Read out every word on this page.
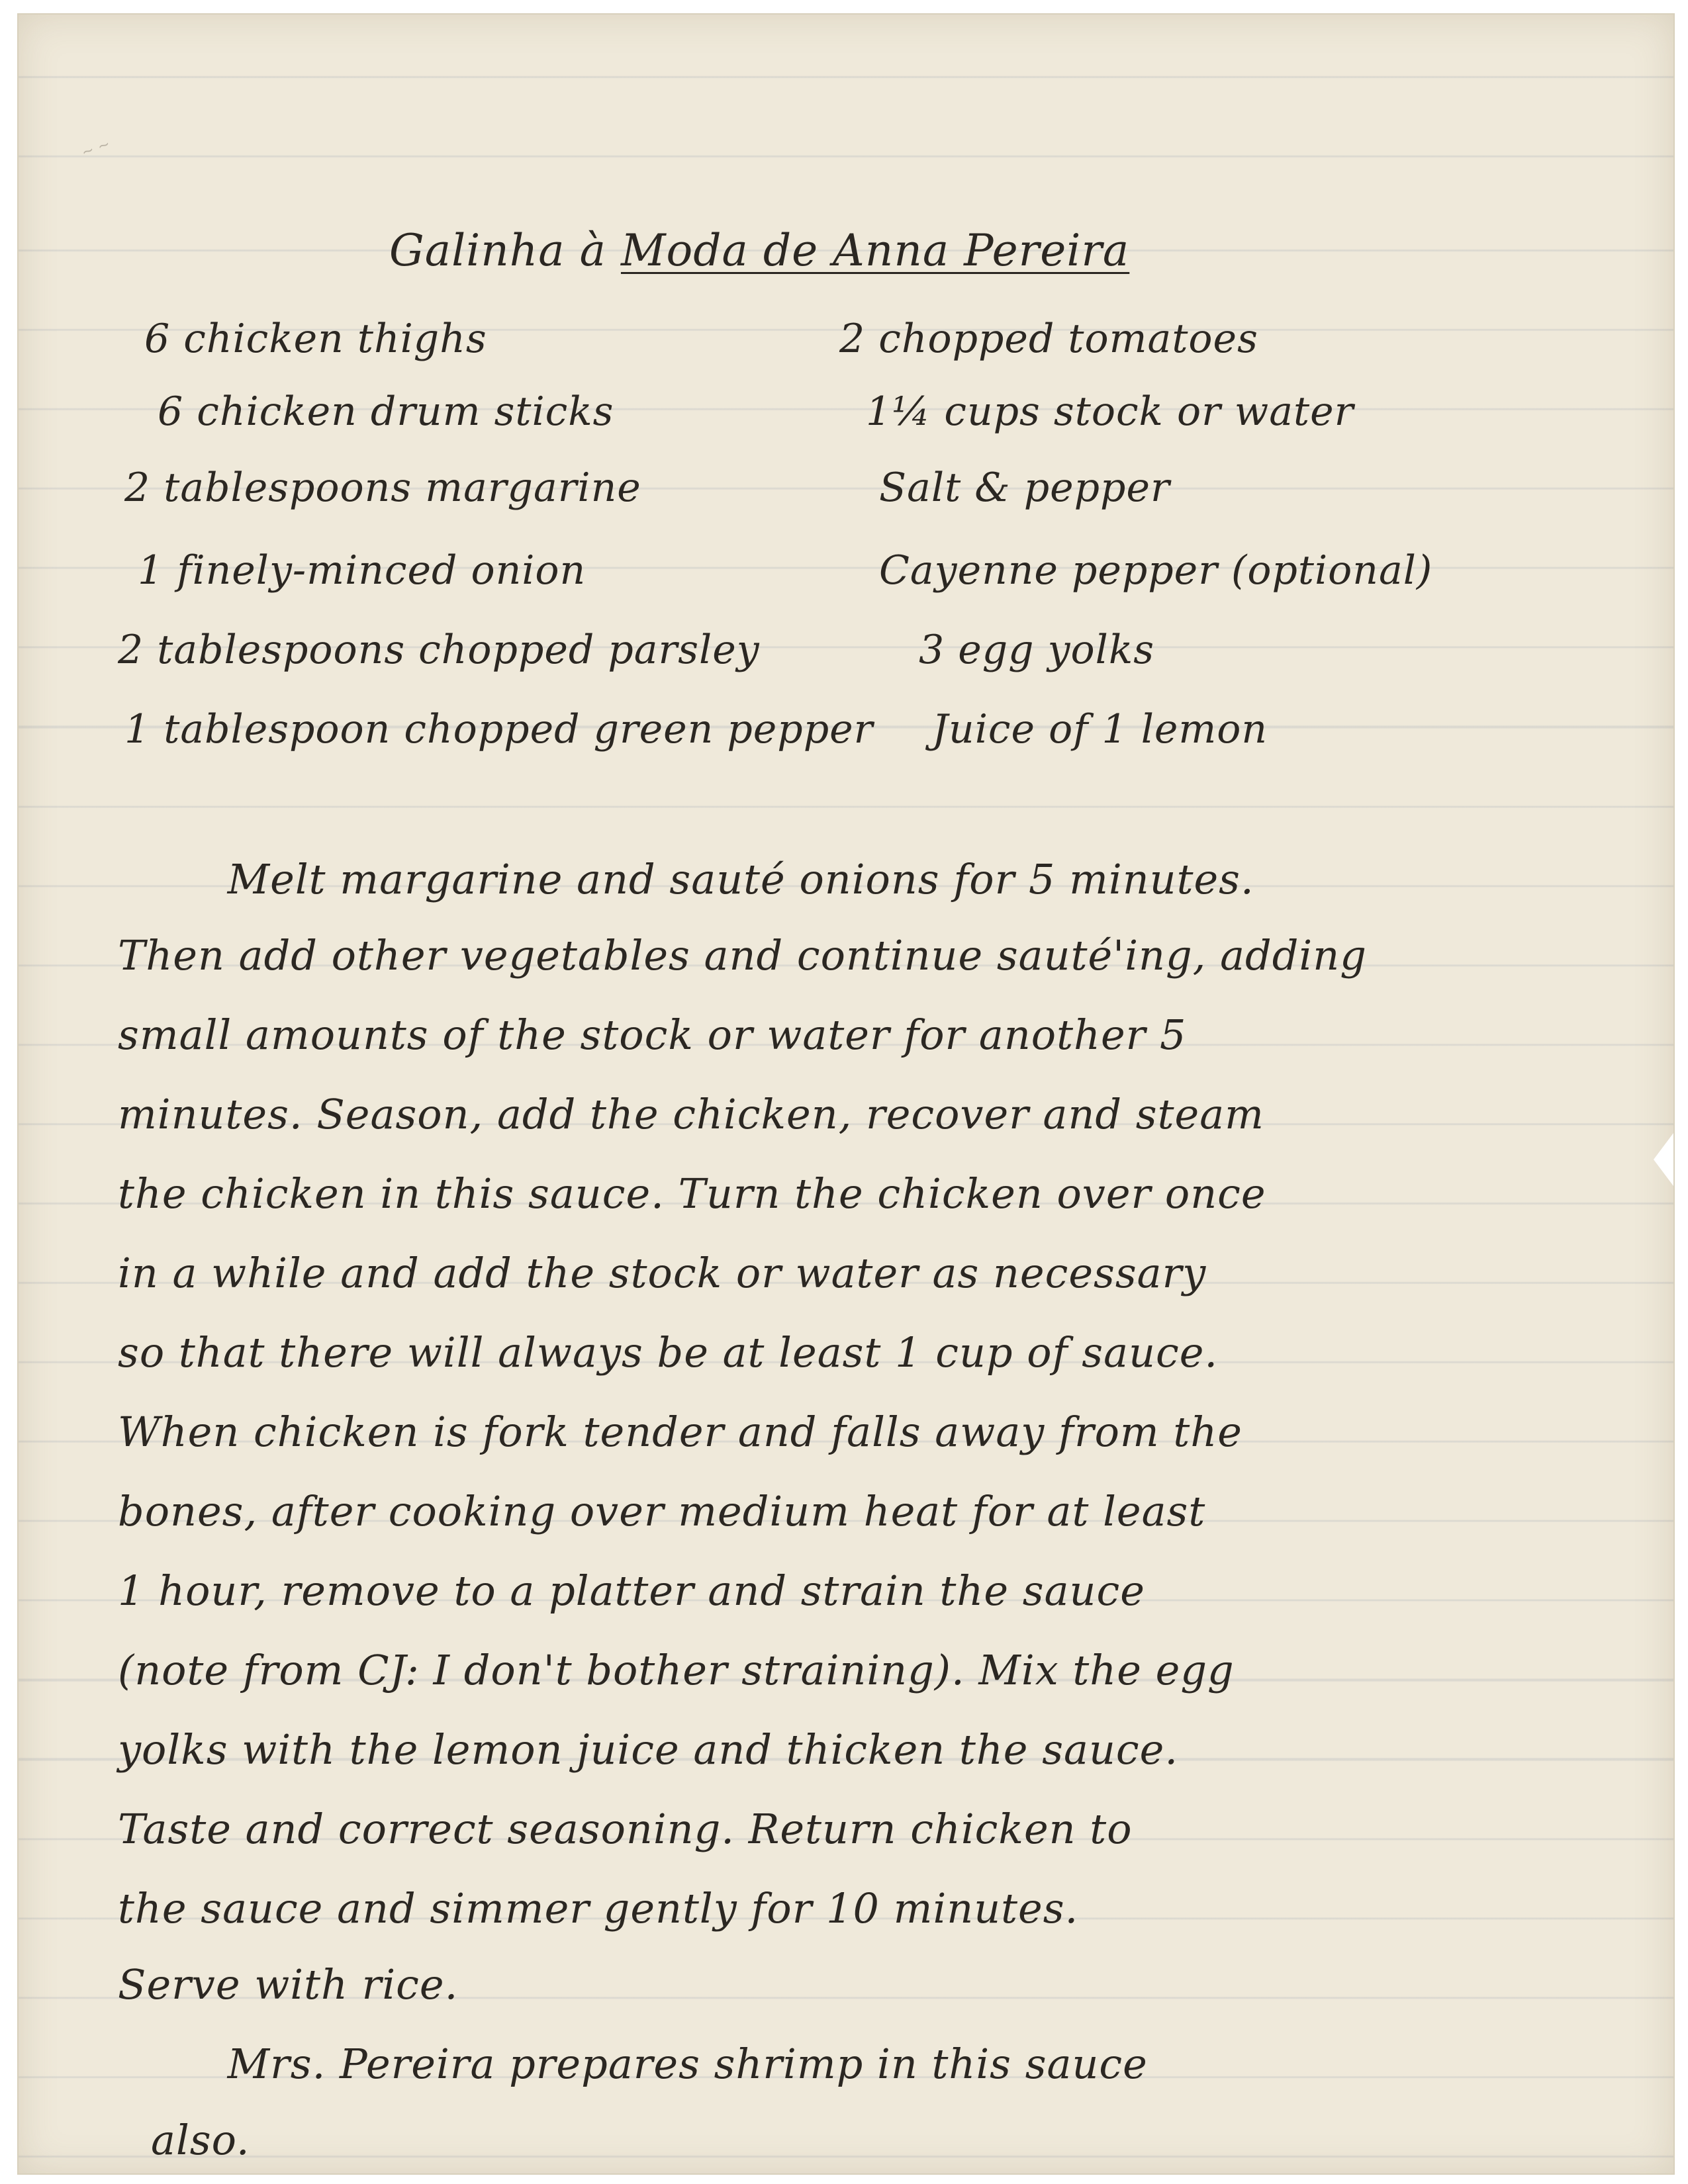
~ ~
Galinha à Moda de Anna Pereira
6 chicken thighs
6 chicken drum sticks
2 tablespoons margarine
1 finely-minced onion
2 tablespoons chopped parsley
1 tablespoon chopped green pepper
2 chopped tomatoes
1¼ cups stock or water
Salt & pepper
Cayenne pepper (optional)
3 egg yolks
Juice of 1 lemon
Melt margarine and sauté onions for 5 minutes.
Then add other vegetables and continue sauté'ing, adding
small amounts of the stock or water for another 5
minutes. Season, add the chicken, recover and steam
the chicken in this sauce. Turn the chicken over once
in a while and add the stock or water as necessary
so that there will always be at least 1 cup of sauce.
When chicken is fork tender and falls away from the
bones, after cooking over medium heat for at least
1 hour, remove to a platter and strain the sauce
(note from CJ: I don't bother straining). Mix the egg
yolks with the lemon juice and thicken the sauce.
Taste and correct seasoning. Return chicken to
the sauce and simmer gently for 10 minutes.
Serve with rice.
Mrs. Pereira prepares shrimp in this sauce
also.
